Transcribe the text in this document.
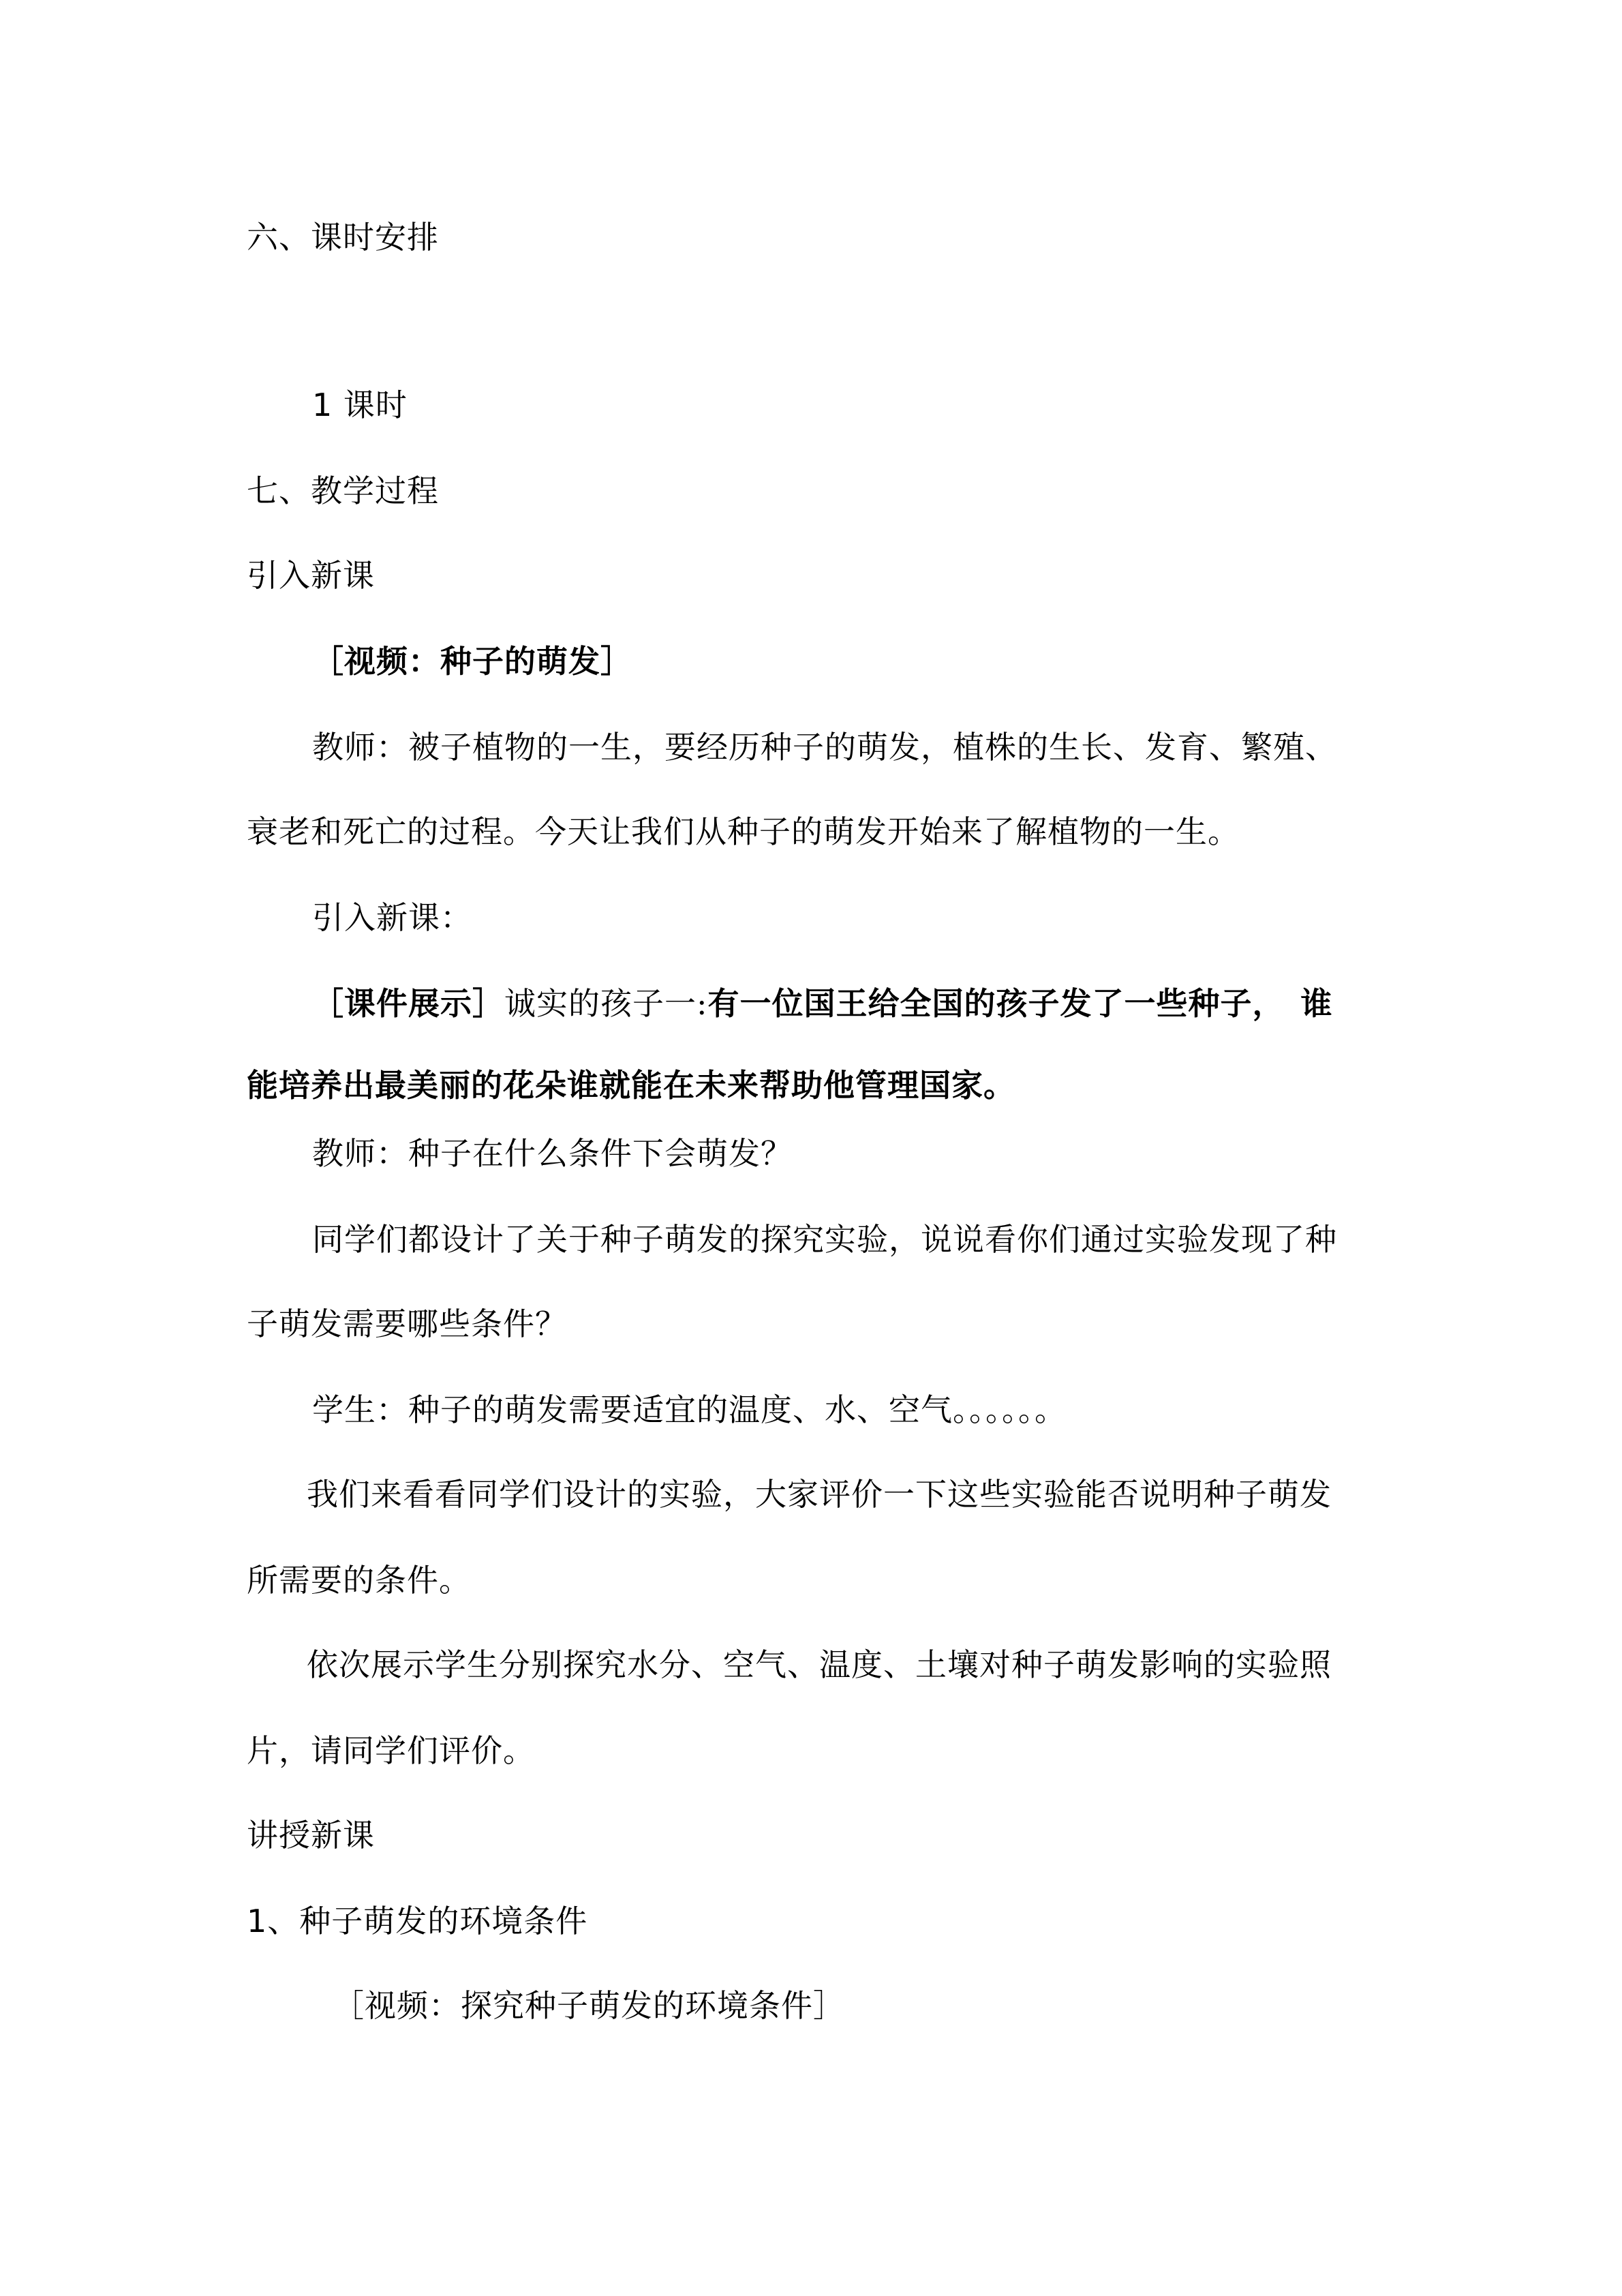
六、课时安排
1 课时
七、教学过程
引入新课
［视频：种子的萌发］
教师：被子植物的一生，要经历种子的萌发，植株的生长、发育、繁殖、
衰老和死亡的过程。今天让我们从种子的萌发开始来了解植物的一生。
引入新课：
［课件展示］诚实的孩子一:有一位国王给全国的孩子发了一些种子，　谁
能培养出最美丽的花朵谁就能在未来帮助他管理国家。
教师：种子在什么条件下会萌发？
同学们都设计了关于种子萌发的探究实验，说说看你们通过实验发现了种
子萌发需要哪些条件？
学生：种子的萌发需要适宜的温度、水、空气。。。。。。
我们来看看同学们设计的实验，大家评价一下这些实验能否说明种子萌发
所需要的条件。
依次展示学生分别探究水分、空气、温度、土壤对种子萌发影响的实验照
片，请同学们评价。
讲授新课
1、种子萌发的环境条件
［视频：探究种子萌发的环境条件］
